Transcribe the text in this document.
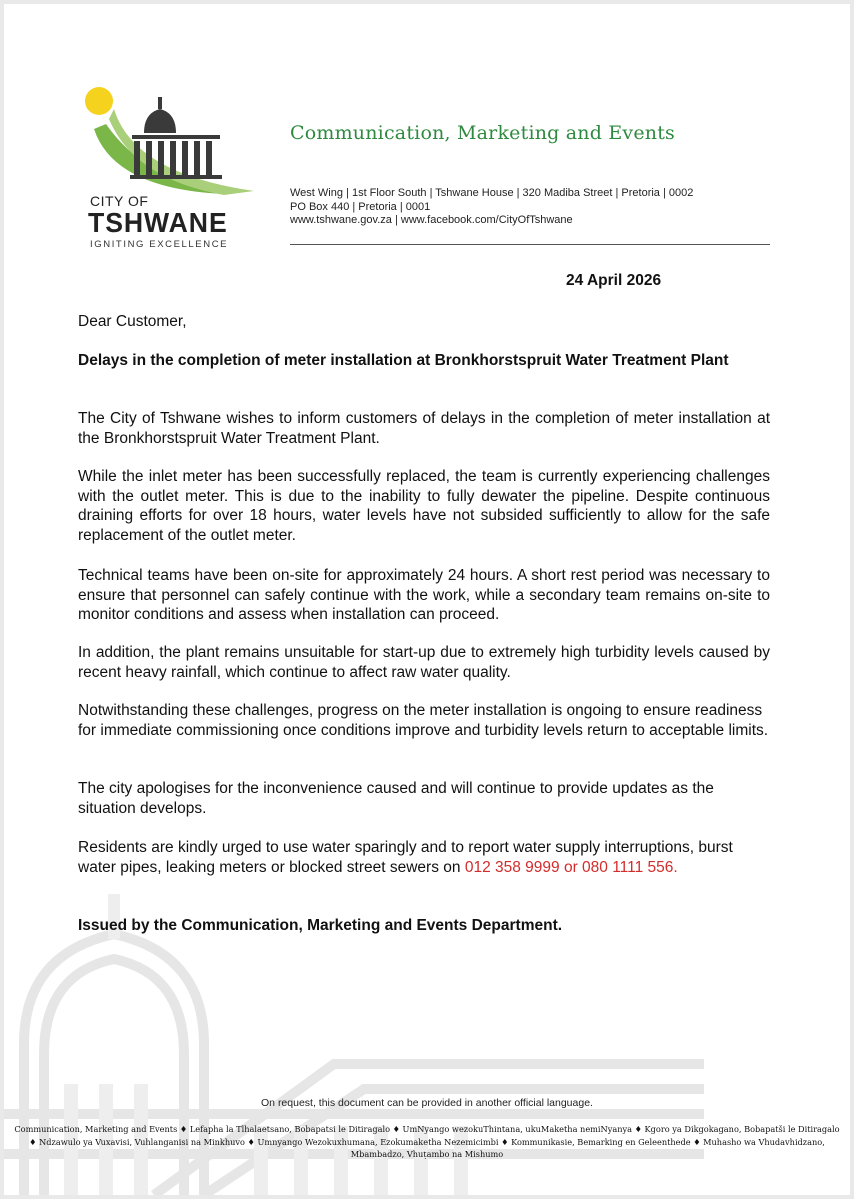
CITY OF
TSHWANE
IGNITING EXCELLENCE
Communication, Marketing and Events
West Wing | 1st Floor South | Tshwane House | 320 Madiba Street | Pretoria | 0002
PO Box 440 | Pretoria | 0001
www.tshwane.gov.za | www.facebook.com/CityOfTshwane
24 April 2026

Dear Customer,

Delays in the completion of meter installation at Bronkhorstspruit Water Treatment Plant

The City of Tshwane wishes to inform customers of delays in the completion of meter installation at the Bronkhorstspruit Water Treatment Plant.

While the inlet meter has been successfully replaced, the team is currently experiencing challenges with the outlet meter. This is due to the inability to fully dewater the pipeline. Despite continuous draining efforts for over 18 hours, water levels have not subsided sufficiently to allow for the safe replacement of the outlet meter.

Technical teams have been on-site for approximately 24 hours. A short rest period was necessary to ensure that personnel can safely continue with the work, while a secondary team remains on-site to monitor conditions and assess when installation can proceed.

In addition, the plant remains unsuitable for start-up due to extremely high turbidity levels caused by recent heavy rainfall, which continue to affect raw water quality.

Notwithstanding these challenges, progress on the meter installation is ongoing to ensure readiness for immediate commissioning once conditions improve and turbidity levels return to acceptable limits.

The city apologises for the inconvenience caused and will continue to provide updates as the situation develops.

Residents are kindly urged to use water sparingly and to report water supply interruptions, burst water pipes, leaking meters or blocked street sewers on 012 358 9999 or 080 1111 556.

Issued by the Communication, Marketing and Events Department.

On request, this document can be provided in another official language.
Communication, Marketing and Events ♦ Lefapha la Tlhalaetsano, Bobapatsi le Ditiragalo ♦ UmNyango wezokuThintana, ukuMaketha nemiNyanya ♦ Kgoro ya Dikgokagano, Bobapatši le Ditiragalo ♦ Ndzawulo ya Vuxavisi, Vuhlanganisi na Minkhuvo ♦ Umnyango Wezokuxhumana, Ezokumaketha Nezemicimbi ♦ Kommunikasie, Bemarking en Geleenthede ♦ Muhasho wa Vhudavhidzano, Mbambadzo, Vhuṭambo na Mishumo
